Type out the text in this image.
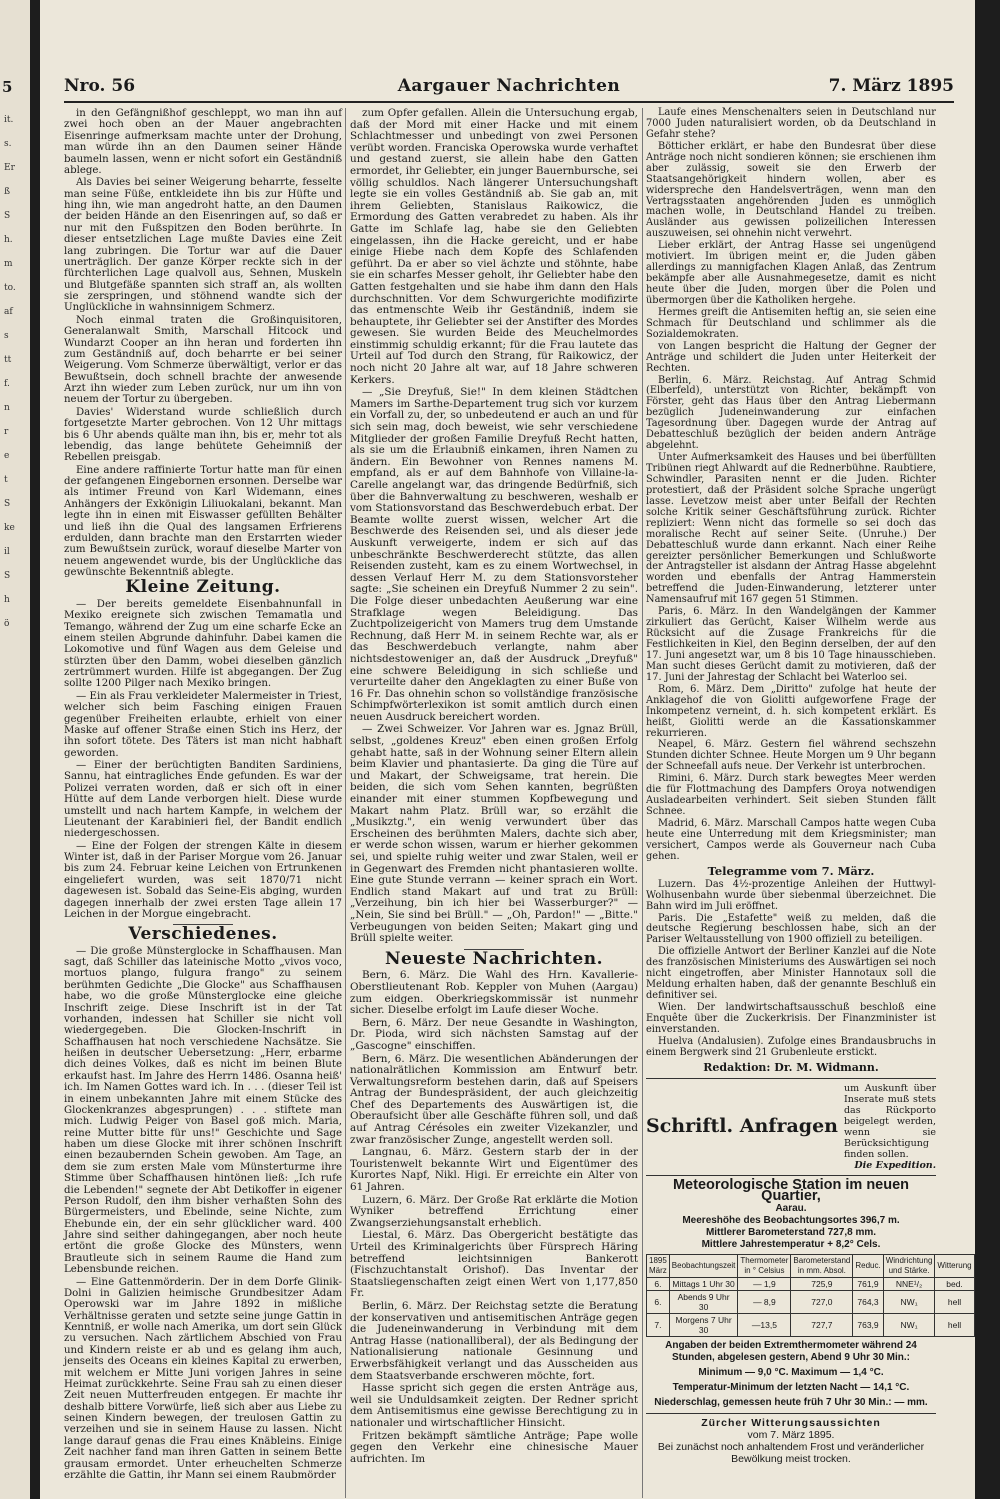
5
it.
s.
Er
ß
S
h.
m
to.
af
s
tt
f.
n
r
e
t
S
ke
il
S
h
ö
Nro. 56	Aargauer Nachrichten	7. März 1895

in den Gefängnißhof geschleppt, wo man ihn auf zwei hoch oben an der Mauer angebrachten Eisenringe aufmerksam machte unter der Drohung, man würde ihn an den Daumen seiner Hände baumeln lassen, wenn er nicht sofort ein Geständniß ablege.

Als Davies bei seiner Weigerung beharrte, fesselte man seine Füße, entkleidete ihn bis zur Hüfte und hing ihn, wie man angedroht hatte, an den Daumen der beiden Hände an den Eisenringen auf, so daß er nur mit den Fußspitzen den Boden berührte. In dieser entsetzlichen Lage mußte Davies eine Zeit lang zubringen. Die Tortur war auf die Dauer unerträglich. Der ganze Körper reckte sich in der fürchterlichen Lage qualvoll aus, Sehnen, Muskeln und Blutgefäße spannten sich straff an, als wollten sie zerspringen, und stöhnend wandte sich der Unglückliche in wahnsinnigem Schmerz.

Noch einmal traten die Großinquisitoren, Generalanwalt Smith, Marschall Hitcock und Wundarzt Cooper an ihn heran und forderten ihn zum Geständniß auf, doch beharrte er bei seiner Weigerung. Vom Schmerze überwältigt, verlor er das Bewußtsein, doch schnell brachte der anwesende Arzt ihn wieder zum Leben zurück, nur um ihn von neuem der Tortur zu übergeben.

Davies' Widerstand wurde schließlich durch fortgesetzte Marter gebrochen. Von 12 Uhr mittags bis 6 Uhr abends quälte man ihn, bis er, mehr tot als lebendig, das lange behütete Geheimniß der Rebellen preisgab.

Eine andere raffinierte Tortur hatte man für einen der gefangenen Eingebornen ersonnen. Derselbe war als intimer Freund von Karl Widemann, eines Anhängers der Exkönigin Liliuokalani, bekannt. Man legte ihn in einen mit Eiswasser gefüllten Behälter und ließ ihn die Qual des langsamen Erfrierens erdulden, dann brachte man den Erstarrten wieder zum Bewußtsein zurück, worauf dieselbe Marter von neuem angewendet wurde, bis der Unglückliche das gewünschte Bekenntniß ablegte.

Kleine Zeitung.

— Der bereits gemeldete Eisenbahnunfall in Mexiko ereignete sich zwischen Temamatla und Temango, während der Zug um eine scharfe Ecke an einem steilen Abgrunde dahinfuhr. Dabei kamen die Lokomotive und fünf Wagen aus dem Geleise und stürzten über den Damm, wobei dieselben gänzlich zertrümmert wurden. Hilfe ist abgegangen. Der Zug sollte 1200 Pilger nach Mexiko bringen.

— Ein als Frau verkleideter Malermeister in Triest, welcher sich beim Fasching einigen Frauen gegenüber Freiheiten erlaubte, erhielt von einer Maske auf offener Straße einen Stich ins Herz, der ihn sofort tötete. Des Täters ist man nicht habhaft geworden.

— Einer der berüchtigten Banditen Sardiniens, Sannu, hat eintragliches Ende gefunden. Es war der Polizei verraten worden, daß er sich oft in einer Hütte auf dem Lande verborgen hielt. Diese wurde umstellt und nach hartem Kampfe, in welchem der Lieutenant der Karabinieri fiel, der Bandit endlich niedergeschossen.

— Eine der Folgen der strengen Kälte in diesem Winter ist, daß in der Pariser Morgue vom 26. Januar bis zum 24. Februar keine Leichen von Ertrunkenen eingeliefert wurden, was seit 1870/71 nicht dagewesen ist. Sobald das Seine-Eis abging, wurden dagegen innerhalb der zwei ersten Tage allein 17 Leichen in der Morgue eingebracht.

Verschiedenes.

— Die große Münsterglocke in Schaffhausen. Man sagt, daß Schiller das lateinische Motto „vivos voco, mortuos plango, fulgura frango" zu seinem berühmten Gedichte „Die Glocke" aus Schaffhausen habe, wo die große Münsterglocke eine gleiche Inschrift zeige. Diese Inschrift ist in der Tat vorhanden, indessen hat Schiller sie nicht voll wiedergegeben. Die Glocken-Inschrift in Schaffhausen hat noch verschiedene Nachsätze. Sie heißen in deutscher Uebersetzung: „Herr, erbarme dich deines Volkes, daß es nicht im beinen Blute erkaufst hast. Im Jahre des Herrn 1486. Osanna heiß' ich. Im Namen Gottes ward ich. In . . . (dieser Teil ist in einem unbekannten Jahre mit einem Stücke des Glockenkranzes abgesprungen) . . . stiftete man mich. Ludwig Peiger von Basel goß mich. Maria, reine Mutter bitte für uns!" Geschichte und Sage haben um diese Glocke mit ihrer schönen Inschrift einen bezaubernden Schein gewoben. Am Tage, an dem sie zum ersten Male vom Münsterturme ihre Stimme über Schaffhausen hintönen ließ: „Ich rufe die Lebenden!" segnete der Abt Detikoffer in eigener Person Rudolf, den ihm bisher verhaßten Sohn des Bürgermeisters, und Ebelinde, seine Nichte, zum Ehebunde ein, der ein sehr glücklicher ward. 400 Jahre sind seither dahingegangen, aber noch heute ertönt die große Glocke des Münsters, wenn Brautleute sich in seinem Raume die Hand zum Lebensbunde reichen.

— Eine Gattenmörderin. Der in dem Dorfe Glinik-Dolni in Galizien heimische Grundbesitzer Adam Operowski war im Jahre 1892 in mißliche Verhältnisse geraten und setzte seine junge Gattin in Kenntniß, er wolle nach Amerika, um dort sein Glück zu versuchen. Nach zärtlichem Abschied von Frau und Kindern reiste er ab und es gelang ihm auch, jenseits des Oceans ein kleines Kapital zu erwerben, mit welchem er Mitte Juni vorigen Jahres in seine Heimat zurückkehrte. Seine Frau sah zu einen dieser Zeit neuen Mutterfreuden entgegen. Er machte ihr deshalb bittere Vorwürfe, ließ sich aber aus Liebe zu seinen Kindern bewegen, der treulosen Gattin zu verzeihen und sie in seinem Hause zu lassen. Nicht lange darauf genas die Frau eines Knäbleins. Einige Zeit nachher fand man ihren Gatten in seinem Bette grausam ermordet. Unter erheuchelten Schmerze erzählte die Gattin, ihr Mann sei einem Raubmörder

zum Opfer gefallen. Allein die Untersuchung ergab, daß der Mord mit einer Hacke und mit einem Schlachtmesser und unbedingt von zwei Personen verübt worden. Franciska Operowska wurde verhaftet und gestand zuerst, sie allein habe den Gatten ermordet, ihr Geliebter, ein junger Bauernbursche, sei völlig schuldlos. Nach längerer Untersuchungshaft legte sie ein volles Geständniß ab. Sie gab an, mit ihrem Geliebten, Stanislaus Raikowicz, die Ermordung des Gatten verabredet zu haben. Als ihr Gatte im Schlafe lag, habe sie den Geliebten eingelassen, ihn die Hacke gereicht, und er habe einige Hiebe nach dem Kopfe des Schlafenden geführt. Da er aber so viel ächzte und stöhnte, habe sie ein scharfes Messer geholt, ihr Geliebter habe den Gatten festgehalten und sie habe ihm dann den Hals durchschnitten. Vor dem Schwurgerichte modifizirte das entmenschte Weib ihr Geständniß, indem sie behauptete, ihr Geliebter sei der Anstifter des Mordes gewesen. Sie wurden Beide des Meuchelmordes einstimmig schuldig erkannt; für die Frau lautete das Urteil auf Tod durch den Strang, für Raikowicz, der noch nicht 20 Jahre alt war, auf 18 Jahre schweren Kerkers.

— „Sie Dreyfuß, Sie!" In dem kleinen Städtchen Mamers im Sarthe-Departement trug sich vor kurzem ein Vorfall zu, der, so unbedeutend er auch an und für sich sein mag, doch beweist, wie sehr verschiedene Mitglieder der großen Familie Dreyfuß Recht hatten, als sie um die Erlaubniß einkamen, ihren Namen zu ändern. Ein Bewohner von Rennes namens M. empfand, als er auf dem Bahnhofe von Villaine-la-Carelle angelangt war, das dringende Bedürfniß, sich über die Bahnverwaltung zu beschweren, weshalb er vom Stationsvorstand das Beschwerdebuch erbat. Der Beamte wollte zuerst wissen, welcher Art die Beschwerde des Reisenden sei, und als dieser jede Auskunft verweigerte, indem er sich auf das unbeschränkte Beschwerderecht stützte, das allen Reisenden zusteht, kam es zu einem Wortwechsel, in dessen Verlauf Herr M. zu dem Stationsvorsteher sagte: „Sie scheinen ein Dreyfuß Nummer 2 zu sein". Die Folge dieser unbedachten Aeußerung war eine Strafklage wegen Beleidigung. Das Zuchtpolizeigericht von Mamers trug dem Umstande Rechnung, daß Herr M. in seinem Rechte war, als er das Beschwerdebuch verlangte, nahm aber nichtsdestoweniger an, daß der Ausdruck „Dreyfuß" eine schwere Beleidigung in sich schließe und verurteilte daher den Angeklagten zu einer Buße von 16 Fr. Das ohnehin schon so vollständige französische Schimpfwörterlexikon ist somit amtlich durch einen neuen Ausdruck bereichert worden.

— Zwei Schweizer. Vor Jahren war es. Jgnaz Brüll, selbst, „goldenes Kreuz" eben einen großen Erfolg gehabt hatte, saß in der Wohnung seiner Eltern allein beim Klavier und phantasierte. Da ging die Türe auf und Makart, der Schweigsame, trat herein. Die beiden, die sich vom Sehen kannten, begrüßten einander mit einer stummen Kopfbewegung und Makart nahm Platz. Brüll war, so erzählt die „Musikztg.", ein wenig verwundert über das Erscheinen des berühmten Malers, dachte sich aber, er werde schon wissen, warum er hierher gekommen sei, und spielte ruhig weiter und zwar Stalen, weil er in Gegenwart des Fremden nicht phantasieren wollte. Eine gute Stunde verrann — keiner sprach ein Wort. Endlich stand Makart auf und trat zu Brüll: „Verzeihung, bin ich hier bei Wasserburger?" — „Nein, Sie sind bei Brüll." — „Oh, Pardon!" — „Bitte." Verbeugungen von beiden Seiten; Makart ging und Brüll spielte weiter.

Neueste Nachrichten.

Bern, 6. März. Die Wahl des Hrn. Kavallerie-Oberstlieutenant Rob. Keppler von Muhen (Aargau) zum eidgen. Oberkriegskommissär ist nunmehr sicher. Dieselbe erfolgt im Laufe dieser Woche.

Bern, 6. März. Der neue Gesandte in Washington, Dr. Pioda, wird sich nächsten Samstag auf der „Gascogne" einschiffen.

Bern, 6. März. Die wesentlichen Abänderungen der nationalrätlichen Kommission am Entwurf betr. Verwaltungsreform bestehen darin, daß auf Speisers Antrag der Bundespräsident, der auch gleichzeitig Chef des Departements des Auswärtigen ist, die Oberaufsicht über alle Geschäfte führen soll, und daß auf Antrag Cérésoles ein zweiter Vizekanzler, und zwar französischer Zunge, angestellt werden soll.

Langnau, 6. März. Gestern starb der in der Touristenwelt bekannte Wirt und Eigentümer des Kurortes Napf, Nikl. Higi. Er erreichte ein Alter von 61 Jahren.

Luzern, 6. März. Der Große Rat erklärte die Motion Wyniker betreffend Errichtung einer Zwangserziehungsanstalt erheblich.

Liestal, 6. März. Das Obergericht bestätigte das Urteil des Kriminalgerichts über Fürsprech Häring betreffend leichtsinnigen Bankerott (Fischzuchtanstalt Orishof). Das Inventar der Staatsliegenschaften zeigt einen Wert von 1,177,850 Fr.

Berlin, 6. März. Der Reichstag setzte die Beratung der konservativen und antisemitischen Anträge gegen die Judeneinwanderung in Verbindung mit dem Antrag Hasse (nationalliberal), der als Bedingung der Nationalisierung nationale Gesinnung und Erwerbsfähigkeit verlangt und das Ausscheiden aus dem Staatsverbande erschweren möchte, fort.

Hasse spricht sich gegen die ersten Anträge aus, weil sie Unduldsamkeit zeigten. Der Redner spricht dem Antisemitismus eine gewisse Berechtigung zu in nationaler und wirtschaftlicher Hinsicht.

Fritzen bekämpft sämtliche Anträge; Pape wolle gegen den Verkehr eine chinesische Mauer aufrichten. Im

Laufe eines Menschenalters seien in Deutschland nur 7000 Juden naturalisiert worden, ob da Deutschland in Gefahr stehe?

Bötticher erklärt, er habe den Bundesrat über diese Anträge noch nicht sondieren können; sie erschienen ihm aber zulässig, soweit sie den Erwerb der Staatsangehörigkeit hindern wollen, aber es widerspreche den Handelsverträgen, wenn man den Vertragsstaaten angehörenden Juden es unmöglich machen wolle, in Deutschland Handel zu treiben. Ausländer aus gewissen polizeilichen Interessen auszuweisen, sei ohnehin nicht verwehrt.

Lieber erklärt, der Antrag Hasse sei ungenügend motiviert. Im übrigen meint er, die Juden gäben allerdings zu mannigfachen Klagen Anlaß, das Zentrum bekämpfe aber alle Ausnahmegesetze, damit es nicht heute über die Juden, morgen über die Polen und übermorgen über die Katholiken hergehe.

Hermes greift die Antisemiten heftig an, sie seien eine Schmach für Deutschland und schlimmer als die Sozialdemokraten.

von Langen bespricht die Haltung der Gegner der Anträge und schildert die Juden unter Heiterkeit der Rechten.

Berlin, 6. März. Reichstag. Auf Antrag Schmid (Elberfeld), unterstützt von Richter, bekämpft von Förster, geht das Haus über den Antrag Liebermann bezüglich Judeneinwanderung zur einfachen Tagesordnung über. Dagegen wurde der Antrag auf Debatteschluß bezüglich der beiden andern Anträge abgelehnt.

Unter Aufmerksamkeit des Hauses und bei überfüllten Tribünen riegt Ahlwardt auf die Rednerbühne. Raubtiere, Schwindler, Parasiten nennt er die Juden. Richter protestiert, daß der Präsident solche Sprache ungerügt lasse. Levetzow meist aber unter Beifall der Rechten solche Kritik seiner Geschäftsführung zurück. Richter repliziert: Wenn nicht das formelle so sei doch das moralische Recht auf seiner Seite. (Unruhe.) Der Debatteschluß wurde dann erkannt. Nach einer Reihe gereizter persönlicher Bemerkungen und Schlußworte der Antragsteller ist alsdann der Antrag Hasse abgelehnt worden und ebenfalls der Antrag Hammerstein betreffend die Juden-Einwanderung, letzterer unter Namensaufruf mit 167 gegen 51 Stimmen.

Paris, 6. März. In den Wandelgängen der Kammer zirkuliert das Gerücht, Kaiser Wilhelm werde aus Rücksicht auf die Zusage Frankreichs für die Festlichkeiten in Kiel, den Beginn derselben, der auf den 17. Juni angesetzt war, um 8 bis 10 Tage hinausschieben. Man sucht dieses Gerücht damit zu motivieren, daß der 17. Juni der Jahrestag der Schlacht bei Waterloo sei.

Rom, 6. März. Dem „Diritto" zufolge hat heute der Anklagehof die von Giolitti aufgeworfene Frage der Inkompetenz verneint, d. h. sich kompetent erklärt. Es heißt, Giolitti werde an die Kassationskammer rekurrieren.

Neapel, 6. März. Gestern fiel während sechszehn Stunden dichter Schnee. Heute Morgen um 9 Uhr begann der Schneefall aufs neue. Der Verkehr ist unterbrochen.

Rimini, 6. März. Durch stark bewegtes Meer werden die für Flottmachung des Dampfers Oroya notwendigen Ausladearbeiten verhindert. Seit sieben Stunden fällt Schnee.

Madrid, 6. März. Marschall Campos hatte wegen Cuba heute eine Unterredung mit dem Kriegsminister; man versichert, Campos werde als Gouverneur nach Cuba gehen.

Telegramme vom 7. März.

Luzern. Das 4½-prozentige Anleihen der Huttwyl-Wolhusenbahn wurde über siebenmal überzeichnet. Die Bahn wird im Juli eröffnet.

Paris. Die „Estafette" weiß zu melden, daß die deutsche Regierung beschlossen habe, sich an der Pariser Weltausstellung von 1900 offiziell zu beteiligen.

Die offizielle Antwort der Berliner Kanzlei auf die Note des französischen Ministeriums des Auswärtigen sei noch nicht eingetroffen, aber Minister Hannotaux soll die Meldung erhalten haben, daß der genannte Beschluß ein definitiver sei.

Wien. Der landwirtschaftsausschuß beschloß eine Enquête über die Zuckerkrisis. Der Finanzminister ist einverstanden.

Huelva (Andalusien). Zufolge eines Brandausbruchs in einem Bergwerk sind 21 Grubenleute erstickt.

Redaktion: Dr. M. Widmann.
Schriftl. Anfragen
um Auskunft über Inserate muß stets das Rückporto beigelegt werden, wenn sie Berücksichtigung finden sollen.
Die Expedition.
Meteorologische Station im neuen Quartier,
Aarau.
Meereshöhe des Beobachtungsortes 396,7 m.
Mittlerer Barometerstand 727,8 mm.
Mittlere Jahrestemperatur + 8,2° Cels.
1895 März	Beobachtungszeit	Thermometer in ° Celsius	Barometerstand in mm. Absol.	Reduc.	Windrichtung und Stärke.	Witterung
6.	Mittags 1 Uhr 30	— 1,9	725,9	761,9	NNE¹/₂	bed.
6.	Abends 9 Uhr 30	— 8,9	727,0	764,3	NW₁	hell
7.	Morgens 7 Uhr 30	—13,5	727,7	763,9	NW₁	hell
Angaben der beiden Extremthermometer während 24 Stunden, abgelesen gestern, Abend 9 Uhr 30 Min.:
Minimum — 9,0 °C. Maximum — 1,4 °C.
Temperatur-Minimum der letzten Nacht — 14,1 °C.
Niederschlag, gemessen heute früh 7 Uhr 30 Min.: — mm.
Zürcher Witterungsaussichten
vom 7. März 1895.
Bei zunächst noch anhaltendem Frost und veränderlicher Bewölkung meist trocken.
